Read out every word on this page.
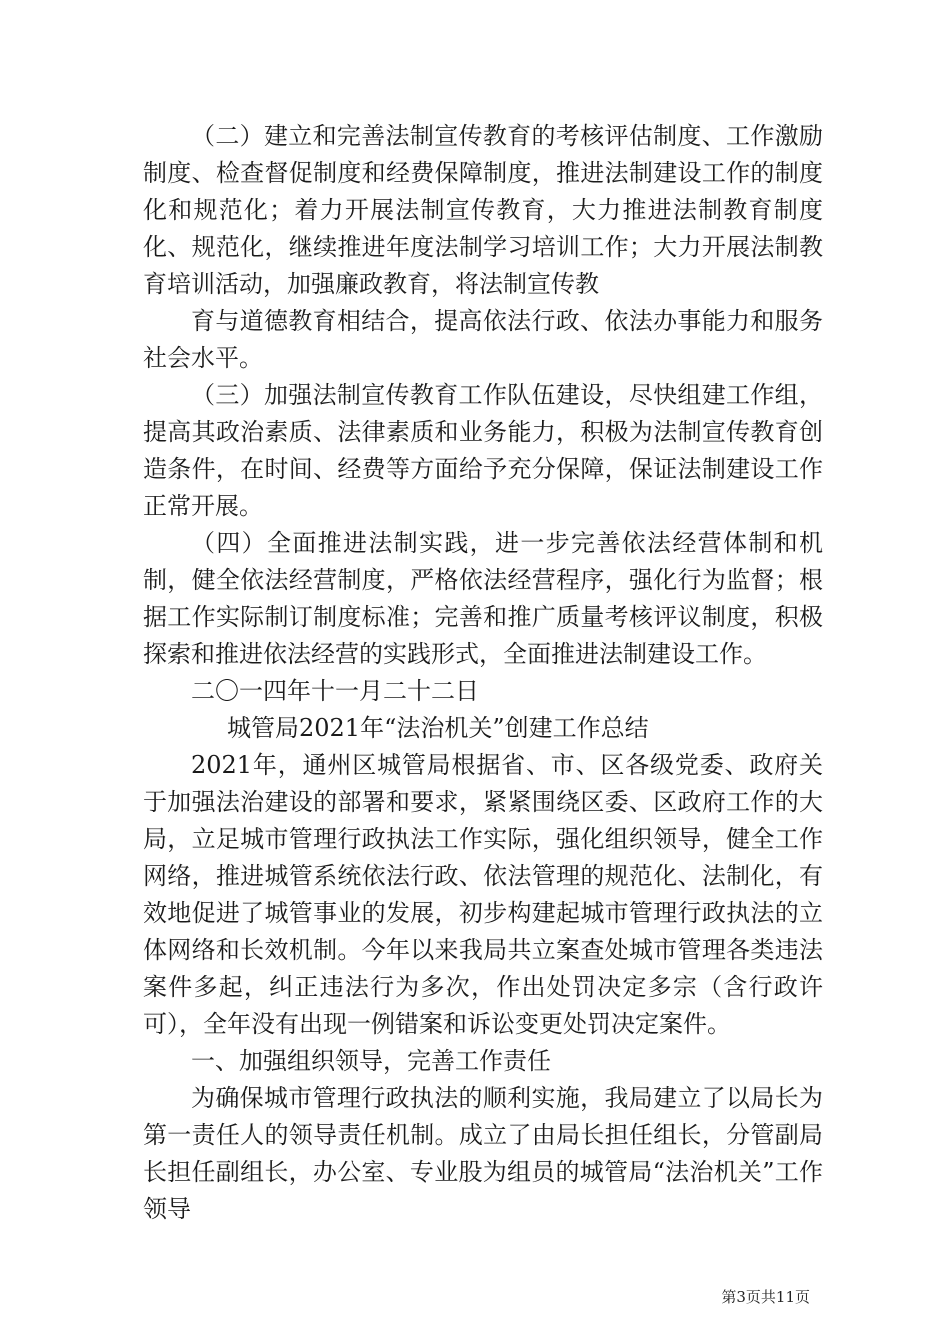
（二）建立和完善法制宣传教育的考核评估制度、工作激励制度、检查督促制度和经费保障制度，推进法制建设工作的制度化和规范化；着力开展法制宣传教育，大力推进法制教育制度化、规范化，继续推进年度法制学习培训工作；大力开展法制教育培训活动，加强廉政教育，将法制宣传教

育与道德教育相结合，提高依法行政、依法办事能力和服务社会水平。

（三）加强法制宣传教育工作队伍建设，尽快组建工作组，提高其政治素质、法律素质和业务能力，积极为法制宣传教育创造条件，在时间、经费等方面给予充分保障，保证法制建设工作正常开展。

（四）全面推进法制实践，进一步完善依法经营体制和机制，健全依法经营制度，严格依法经营程序，强化行为监督；根据工作实际制订制度标准；完善和推广质量考核评议制度，积极探索和推进依法经营的实践形式，全面推进法制建设工作。

二〇一四年十一月二十二日

城管局2021年“法治机关”创建工作总结

2021年，通州区城管局根据省、市、区各级党委、政府关于加强法治建设的部署和要求，紧紧围绕区委、区政府工作的大局，立足城市管理行政执法工作实际，强化组织领导，健全工作网络，推进城管系统依法行政、依法管理的规范化、法制化，有效地促进了城管事业的发展，初步构建起城市管理行政执法的立体网络和长效机制。今年以来我局共立案查处城市管理各类违法案件多起，纠正违法行为多次，作出处罚决定多宗（含行政许可），全年没有出现一例错案和诉讼变更处罚决定案件。

一、加强组织领导，完善工作责任

为确保城市管理行政执法的顺利实施，我局建立了以局长为第一责任人的领导责任机制。成立了由局长担任组长，分管副局长担任副组长，办公室、专业股为组员的城管局“法治机关”工作领导

第3页共11页
